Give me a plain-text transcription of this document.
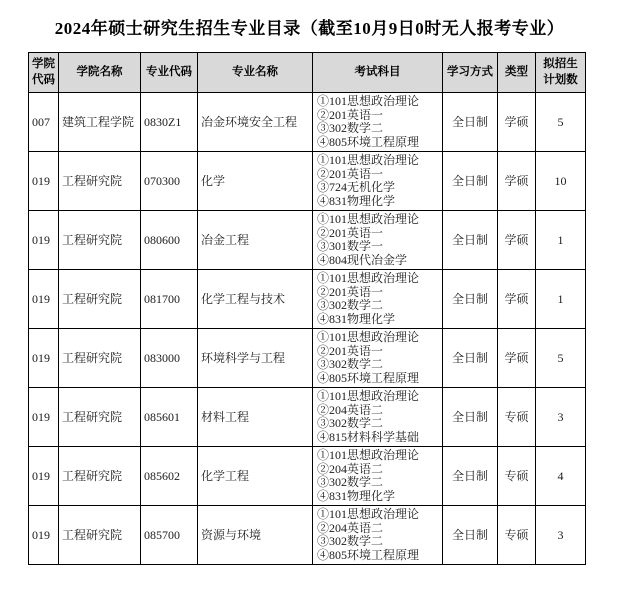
2024年硕士研究生招生专业目录（截至10月9日0时无人报考专业）
学院代码	学院名称	专业代码	专业名称	考试科目	学习方式	类型	拟招生计划数
007	建筑工程学院	0830Z1	冶金环境安全工程	①101思想政治理论
②201英语一
③302数学二
④805环境工程原理	全日制	学硕	5
019	工程研究院	070300	化学	①101思想政治理论
②201英语一
③724无机化学
④831物理化学	全日制	学硕	10
019	工程研究院	080600	冶金工程	①101思想政治理论
②201英语一
③301数学一
④804现代冶金学	全日制	学硕	1
019	工程研究院	081700	化学工程与技术	①101思想政治理论
②201英语一
③302数学二
④831物理化学	全日制	学硕	1
019	工程研究院	083000	环境科学与工程	①101思想政治理论
②201英语一
③302数学二
④805环境工程原理	全日制	学硕	5
019	工程研究院	085601	材料工程	①101思想政治理论
②204英语二
③302数学二
④815材料科学基础	全日制	专硕	3
019	工程研究院	085602	化学工程	①101思想政治理论
②204英语二
③302数学二
④831物理化学	全日制	专硕	4
019	工程研究院	085700	资源与环境	①101思想政治理论
②204英语二
③302数学二
④805环境工程原理	全日制	专硕	3
